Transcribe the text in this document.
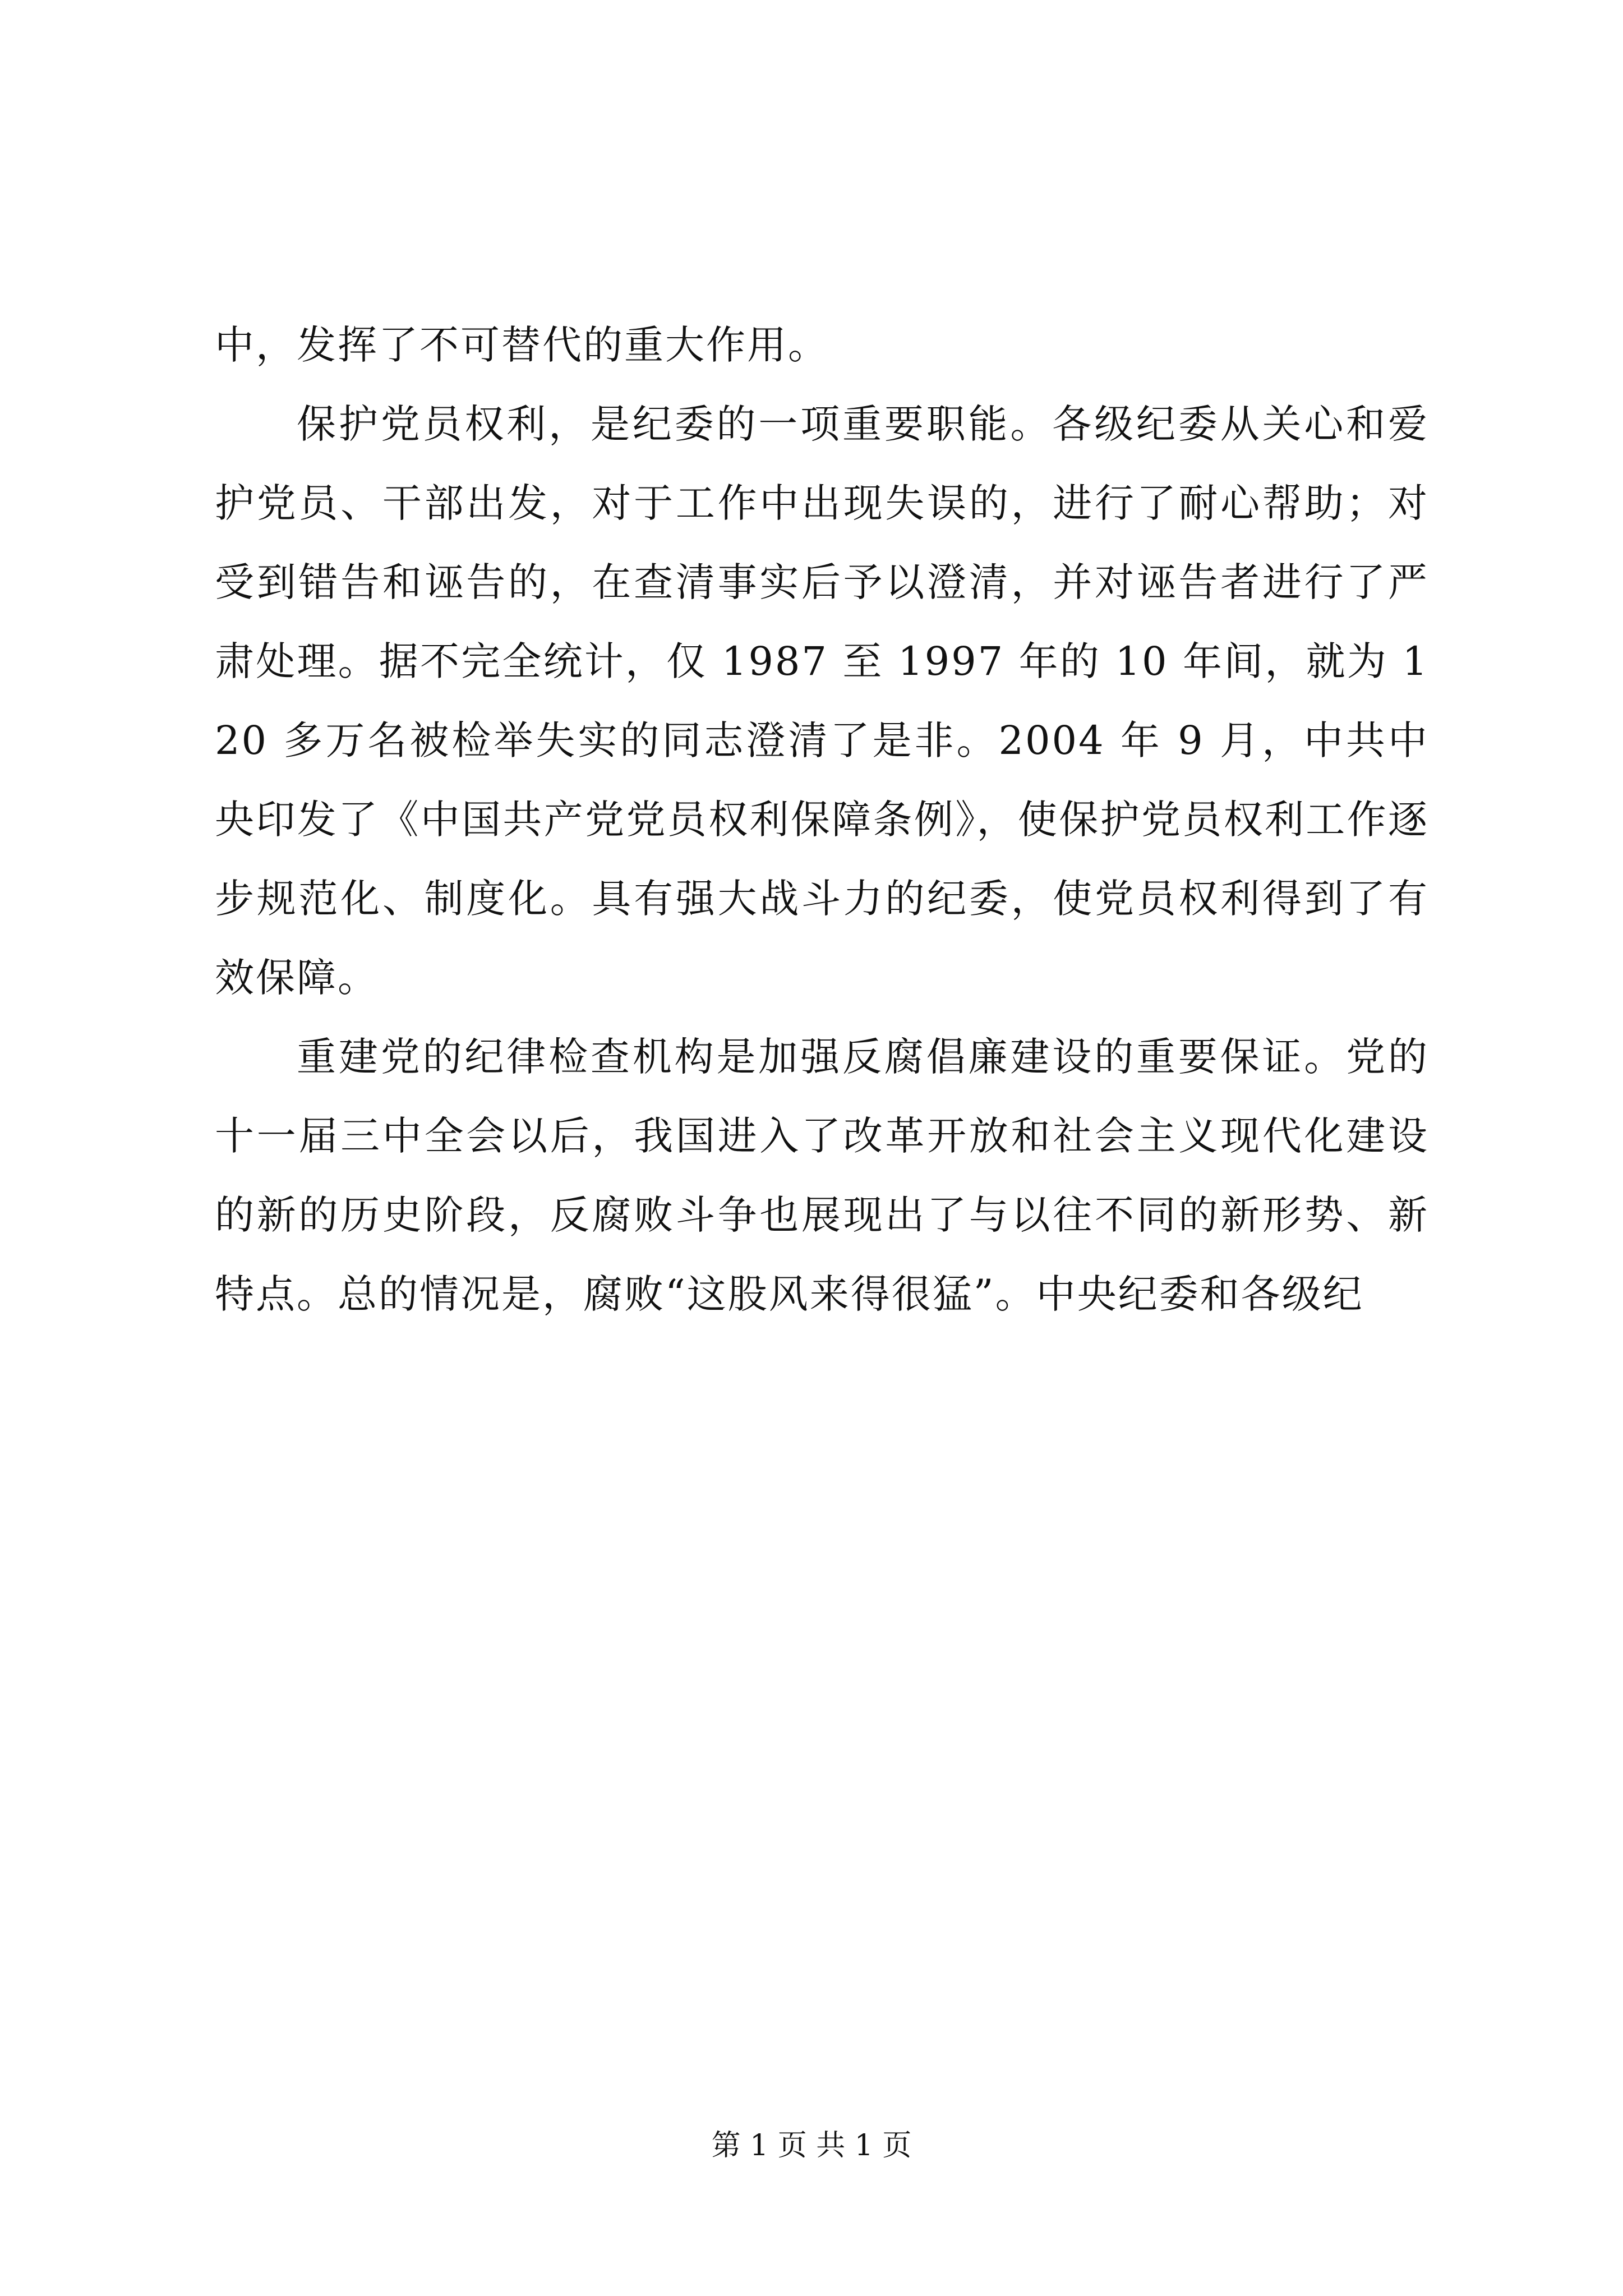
中，发挥了不可替代的重大作用。

保护党员权利，是纪委的一项重要职能。各级纪委从关心和爱护党员、干部出发，对于工作中出现失误的，进行了耐心帮助；对受到错告和诬告的，在查清事实后予以澄清，并对诬告者进行了严肃处理。据不完全统计，仅 1987 至 1997 年的 10 年间，就为 120 多万名被检举失实的同志澄清了是非。2004 年 9 月，中共中央印发了《中国共产党党员权利保障条例》，使保护党员权利工作逐步规范化、制度化。具有强大战斗力的纪委，使党员权利得到了有效保障。

重建党的纪律检查机构是加强反腐倡廉建设的重要保证。党的十一届三中全会以后，我国进入了改革开放和社会主义现代化建设的新的历史阶段，反腐败斗争也展现出了与以往不同的新形势、新特点。总的情况是，腐败“这股风来得很猛”。中央纪委和各级纪

第 1 页 共 1 页
